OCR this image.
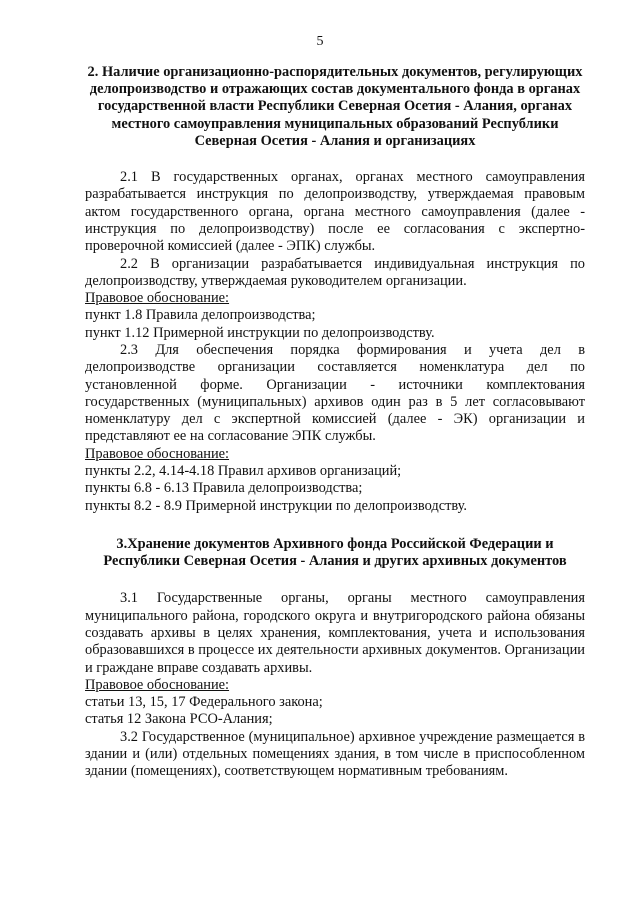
5

2. Наличие организационно-распорядительных документов, регулирующих делопроизводство и отражающих состав документального фонда в органах государственной власти Республики Северная Осетия - Алания, органах местного самоуправления муниципальных образований Республики Северная Осетия - Алания и организациях

2.1 В государственных органах, органах местного самоуправления разрабатывается инструкция по делопроизводству, утверждаемая правовым актом государственного органа, органа местного самоуправления (далее - инструкция по делопроизводству) после ее согласования с экспертно-проверочной комиссией (далее - ЭПК) службы.

2.2 В организации разрабатывается индивидуальная инструкция по делопроизводству, утверждаемая руководителем организации.

Правовое обоснование:

пункт 1.8 Правила делопроизводства;

пункт 1.12 Примерной инструкции по делопроизводству.

2.3 Для обеспечения порядка формирования и учета дел в делопроизводстве организации составляется номенклатура дел по установленной форме. Организации - источники комплектования государственных (муниципальных) архивов один раз в 5 лет согласовывают номенклатуру дел с экспертной комиссией (далее - ЭК) организации и представляют ее на согласование ЭПК службы.

Правовое обоснование:

пункты 2.2, 4.14-4.18 Правил архивов организаций;

пункты 6.8 - 6.13 Правила делопроизводства;

пункты 8.2 - 8.9 Примерной инструкции по делопроизводству.

3.Хранение документов Архивного фонда Российской Федерации и Республики Северная Осетия - Алания и других архивных документов

3.1 Государственные органы, органы местного самоуправления муниципального района, городского округа и внутригородского района обязаны создавать архивы в целях хранения, комплектования, учета и использования образовавшихся в процессе их деятельности архивных документов. Организации и граждане вправе создавать архивы.

Правовое обоснование:

статьи 13, 15, 17 Федерального закона;

статья 12 Закона РСО-Алания;

3.2 Государственное (муниципальное) архивное учреждение размещается в здании и (или) отдельных помещениях здания, в том числе в приспособленном здании (помещениях), соответствующем нормативным требованиям.
